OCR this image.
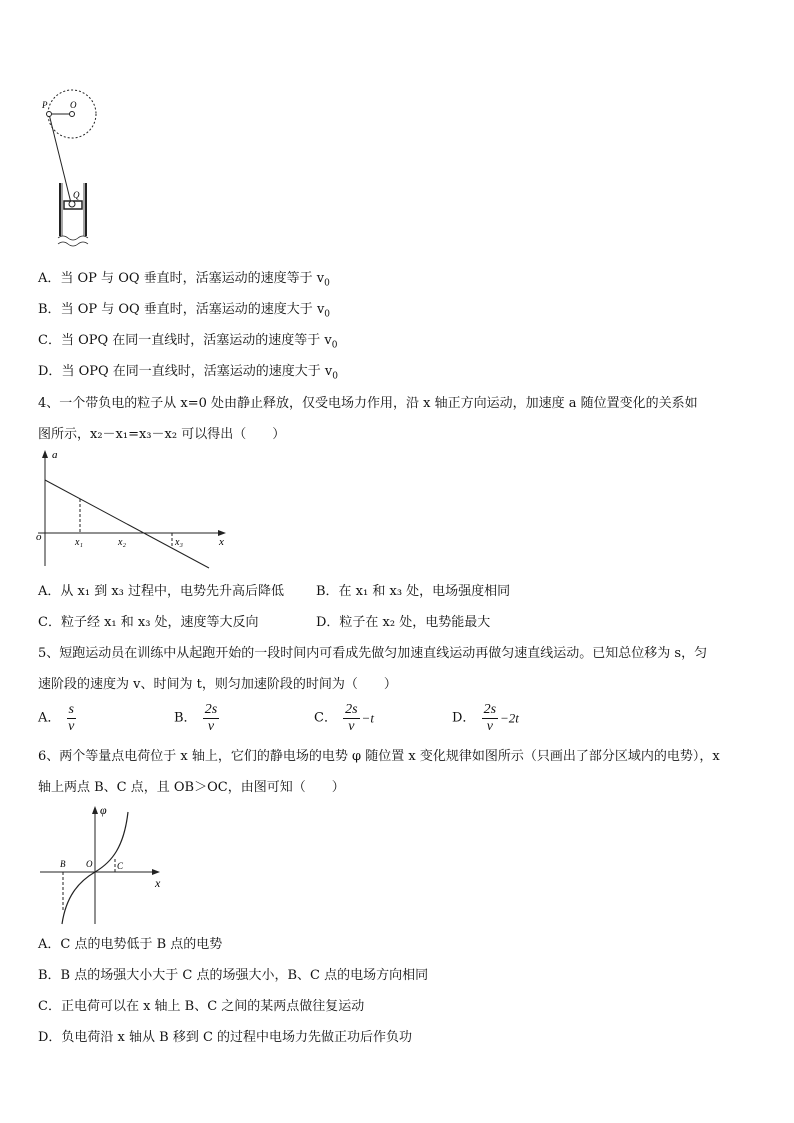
P	O
Q
A．当 OP 与 OQ 垂直时，活塞运动的速度等于 $v_0$
B．当 OP 与 OQ 垂直时，活塞运动的速度大于 $v_0$
C．当 OPQ 在同一直线时，活塞运动的速度等于 $v_0$
D．当 OPQ 在同一直线时，活塞运动的速度大于 $v_0$
4、一个带负电的粒子从 x=0 处由静止释放，仅受电场力作用，沿 x 轴正方向运动，加速度 a 随位置变化的关系如
图所示，x₂－x₁=x₃－x₂ 可以得出（　　）
a
x
o	x₁	x₂	x₃
A．从 x₁ 到 x₃ 过程中，电势先升高后降低 B．在 x₁ 和 x₃ 处，电场强度相同
C．粒子经 x₁ 和 x₃ 处，速度等大反向	D．粒子在 x₂ 处，电势能最大
5、短跑运动员在训练中从起跑开始的一段时间内可看成先做匀加速直线运动再做匀速直线运动。已知总位移为 s，匀
速阶段的速度为 v、时间为 t，则匀加速阶段的时间为（　　）
A． $\frac{s}{v}$	B． $\frac{2s}{v}$	C． $\frac{2s}{v} -t$	D． $\frac{2s}{v} -2t$
6、两个等量点电荷位于 x 轴上，它们的静电场的电势 φ 随位置 x 变化规律如图所示（只画出了部分区域内的电势），x
轴上两点 B、C 点，且 OB＞OC，由图可知（　　）
φ
x
B O	C
A．C 点的电势低于 B 点的电势
B．B 点的场强大小大于 C 点的场强大小，B、C 点的电场方向相同
C．正电荷可以在 x 轴上 B、C 之间的某两点做往复运动
D．负电荷沿 x 轴从 B 移到 C 的过程中电场力先做正功后作负功
